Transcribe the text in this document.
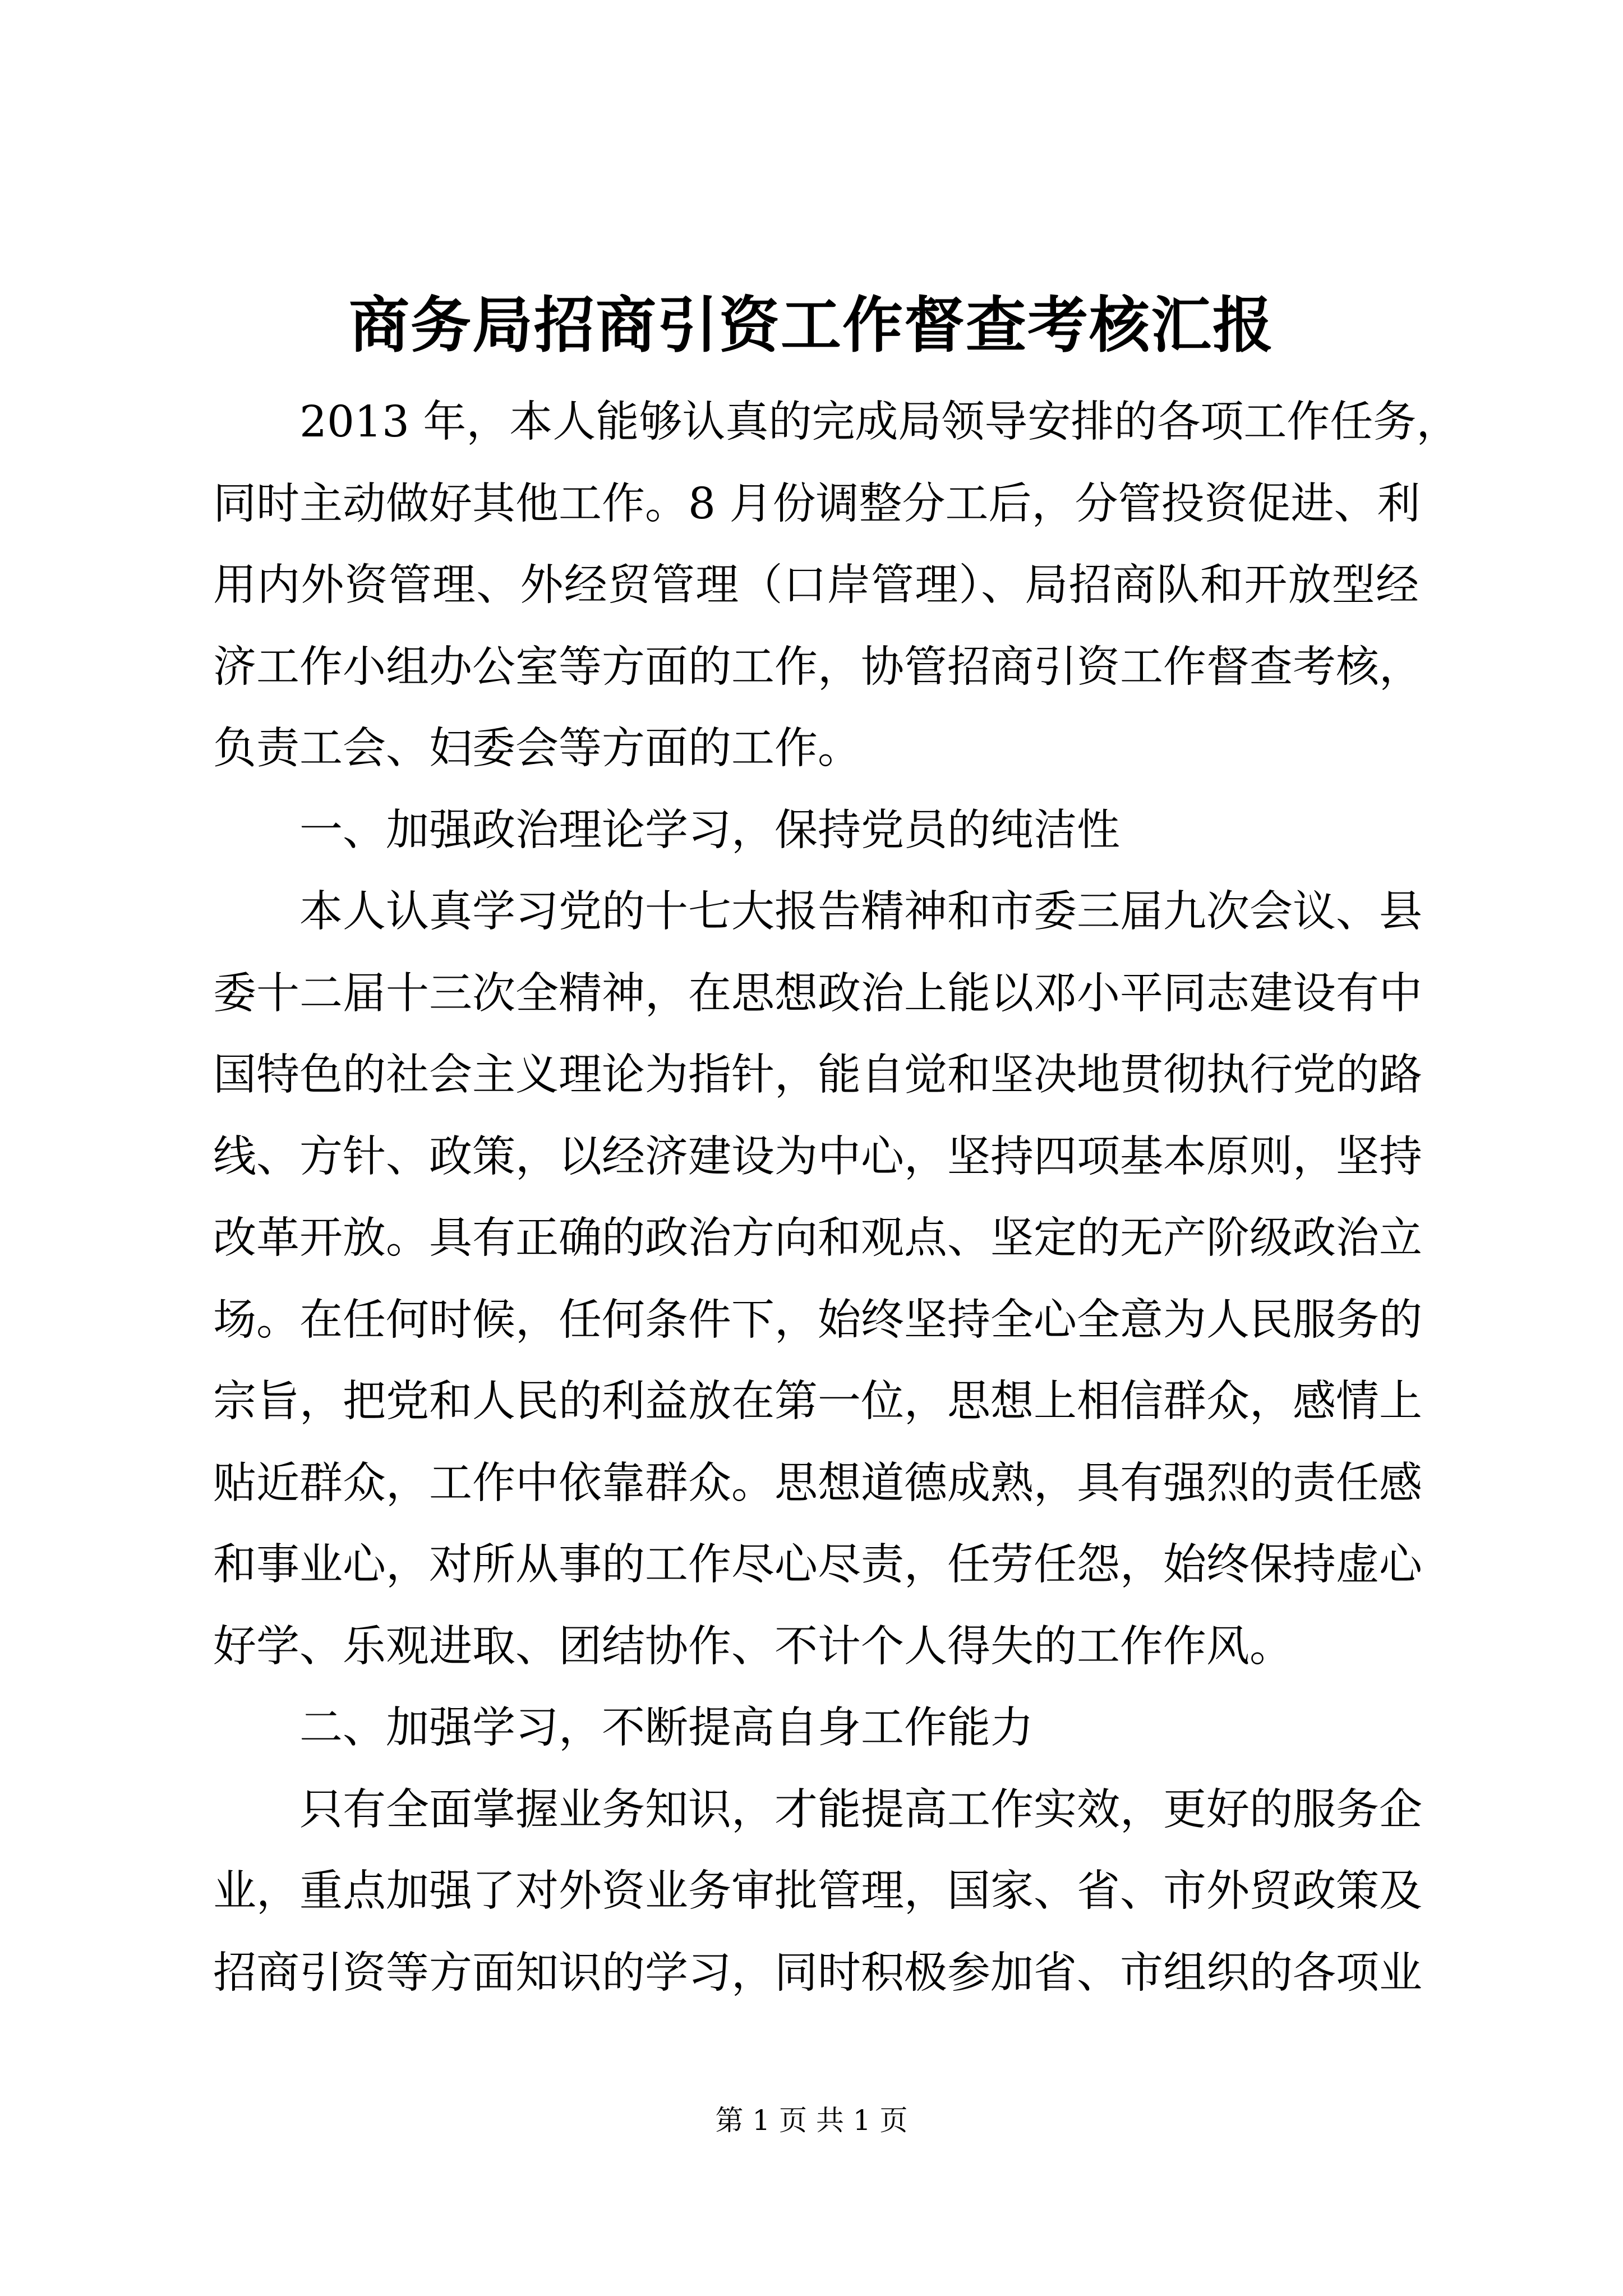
商务局招商引资工作督查考核汇报
2013 年，本人能够认真的完成局领导安排的各项工作任务，
同时主动做好其他工作。8 月份调整分工后，分管投资促进、利
用内外资管理、外经贸管理（口岸管理）、局招商队和开放型经
济工作小组办公室等方面的工作，协管招商引资工作督查考核，
负责工会、妇委会等方面的工作。
一、加强政治理论学习，保持党员的纯洁性
本人认真学习党的十七大报告精神和市委三届九次会议、县
委十二届十三次全精神，在思想政治上能以邓小平同志建设有中
国特色的社会主义理论为指针，能自觉和坚决地贯彻执行党的路
线、方针、政策，以经济建设为中心，坚持四项基本原则，坚持
改革开放。具有正确的政治方向和观点、坚定的无产阶级政治立
场。在任何时候，任何条件下，始终坚持全心全意为人民服务的
宗旨，把党和人民的利益放在第一位，思想上相信群众，感情上
贴近群众，工作中依靠群众。思想道德成熟，具有强烈的责任感
和事业心，对所从事的工作尽心尽责，任劳任怨，始终保持虚心
好学、乐观进取、团结协作、不计个人得失的工作作风。
二、加强学习，不断提高自身工作能力
只有全面掌握业务知识，才能提高工作实效，更好的服务企
业，重点加强了对外资业务审批管理，国家、省、市外贸政策及
招商引资等方面知识的学习，同时积极参加省、市组织的各项业
第 1 页 共 1 页
